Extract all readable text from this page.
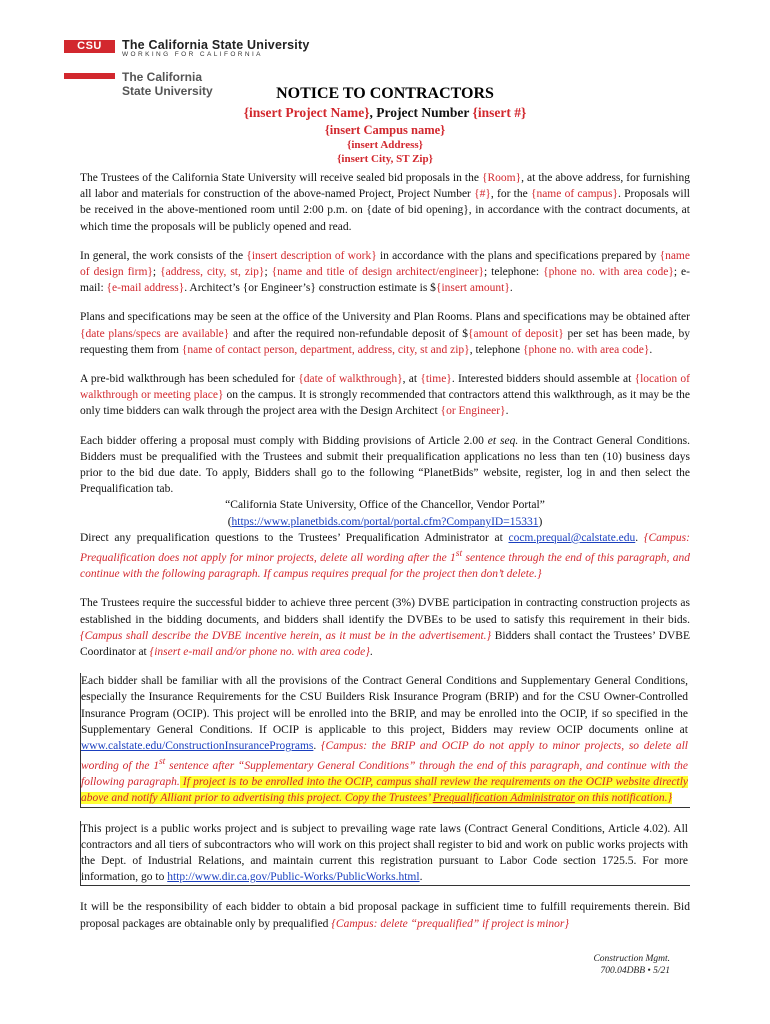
CSU	The California State University
WORKING FOR CALIFORNIA
The California State University	NOTICE TO CONTRACTORS
{insert Project Name}, Project Number {insert #}
{insert Campus name}
{insert Address}
{insert City, ST Zip}

The Trustees of the California State University will receive sealed bid proposals in the {Room}, at the above address, for furnishing all labor and materials for construction of the above-named Project, Project Number {#}, for the {name of campus}. Proposals will be received in the above-mentioned room until 2:00 p.m. on {date of bid opening}, in accordance with the contract documents, at which time the proposals will be publicly opened and read.

In general, the work consists of the {insert description of work} in accordance with the plans and specifications prepared by {name of design firm}; {address, city, st, zip}; {name and title of design architect/engineer}; telephone: {phone no. with area code}; e-mail: {e-mail address}. Architect’s {or Engineer’s} construction estimate is ${insert amount}.

Plans and specifications may be seen at the office of the University and Plan Rooms. Plans and specifications may be obtained after {date plans/specs are available} and after the required non-refundable deposit of ${amount of deposit} per set has been made, by requesting them from {name of contact person, department, address, city, st and zip}, telephone {phone no. with area code}.

A pre-bid walkthrough has been scheduled for {date of walkthrough}, at {time}. Interested bidders should assemble at {location of walkthrough or meeting place} on the campus. It is strongly recommended that contractors attend this walkthrough, as it may be the only time bidders can walk through the project area with the Design Architect {or Engineer}.

Each bidder offering a proposal must comply with Bidding provisions of Article 2.00 et seq. in the Contract General Conditions. Bidders must be prequalified with the Trustees and submit their prequalification applications no less than ten (10) business days prior to the bid due date. To apply, Bidders shall go to the following “PlanetBids” website, register, log in and then select the Prequalification tab.
“California State University, Office of the Chancellor, Vendor Portal”
(https://www.planetbids.com/portal/portal.cfm?CompanyID=15331)
Direct any prequalification questions to the Trustees’ Prequalification Administrator at cocm.prequal@calstate.edu. {Campus: Prequalification does not apply for minor projects, delete all wording after the 1st sentence through the end of this paragraph, and continue with the following paragraph. If campus requires prequal for the project then don’t delete.}

The Trustees require the successful bidder to achieve three percent (3%) DVBE participation in contracting construction projects as established in the bidding documents, and bidders shall identify the DVBEs to be used to satisfy this requirement in their bids. {Campus shall describe the DVBE incentive herein, as it must be in the advertisement.} Bidders shall contact the Trustees’ DVBE Coordinator at {insert e-mail and/or phone no. with area code}.

Each bidder shall be familiar with all the provisions of the Contract General Conditions and Supplementary General Conditions, especially the Insurance Requirements for the CSU Builders Risk Insurance Program (BRIP) and for the CSU Owner-Controlled Insurance Program (OCIP). This project will be enrolled into the BRIP, and may be enrolled into the OCIP, if so specified in the Supplementary General Conditions. If OCIP is applicable to this project, Bidders may review OCIP documents online at www.calstate.edu/ConstructionInsurancePrograms. {Campus: the BRIP and OCIP do not apply to minor projects, so delete all wording of the 1st sentence after “Supplementary General Conditions” through the end of this paragraph, and continue with the following paragraph. If project is to be enrolled into the OCIP, campus shall review the requirements on the OCIP website directly above and notify Alliant prior to advertising this project. Copy the Trustees’ Prequalification Administrator on this notification.}

This project is a public works project and is subject to prevailing wage rate laws (Contract General Conditions, Article 4.02). All contractors and all tiers of subcontractors who will work on this project shall register to bid and work on public works projects with the Dept. of Industrial Relations, and maintain current this registration pursuant to Labor Code section 1725.5. For more information, go to http://www.dir.ca.gov/Public-Works/PublicWorks.html.

It will be the responsibility of each bidder to obtain a bid proposal package in sufficient time to fulfill requirements therein. Bid proposal packages are obtainable only by prequalified {Campus: delete “prequalified” if project is minor}

Construction Mgmt.
700.04DBB • 5/21
